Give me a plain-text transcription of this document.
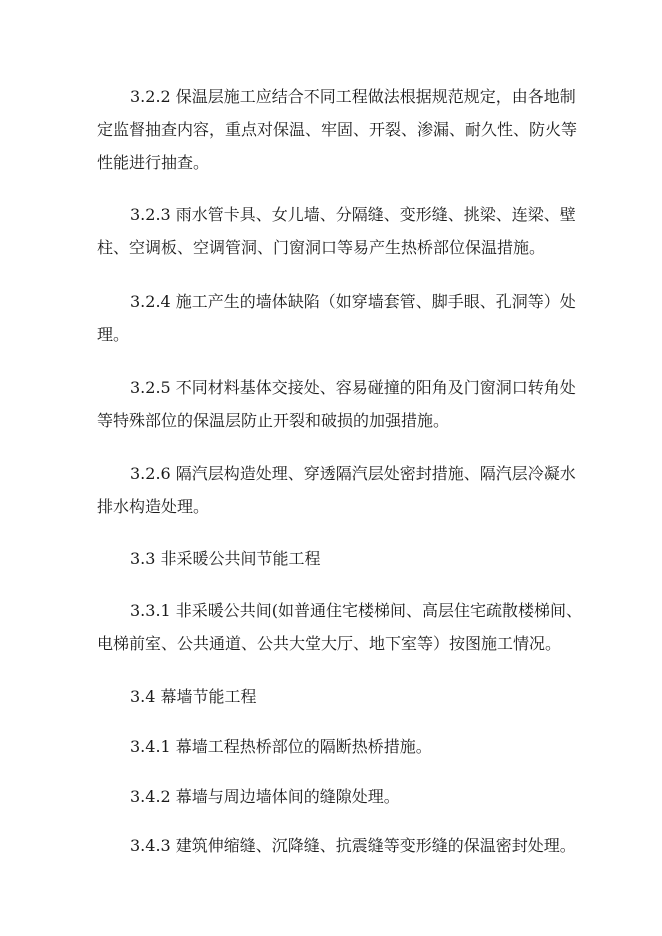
3.2.2 保温层施工应结合不同工程做法根据规范规定，由各地制
定监督抽查内容，重点对保温、牢固、开裂、渗漏、耐久性、防火等
性能进行抽查。
3.2.3 雨水管卡具、女儿墙、分隔缝、变形缝、挑梁、连梁、壁
柱、空调板、空调管洞、门窗洞口等易产生热桥部位保温措施。
3.2.4 施工产生的墙体缺陷（如穿墙套管、脚手眼、孔洞等）处
理。
3.2.5 不同材料基体交接处、容易碰撞的阳角及门窗洞口转角处
等特殊部位的保温层防止开裂和破损的加强措施。
3.2.6 隔汽层构造处理、穿透隔汽层处密封措施、隔汽层冷凝水
排水构造处理。
3.3 非采暖公共间节能工程
3.3.1 非采暖公共间(如普通住宅楼梯间、高层住宅疏散楼梯间、
电梯前室、公共通道、公共大堂大厅、地下室等）按图施工情况。
3.4 幕墙节能工程
3.4.1 幕墙工程热桥部位的隔断热桥措施。
3.4.2 幕墙与周边墙体间的缝隙处理。
3.4.3 建筑伸缩缝、沉降缝、抗震缝等变形缝的保温密封处理。
